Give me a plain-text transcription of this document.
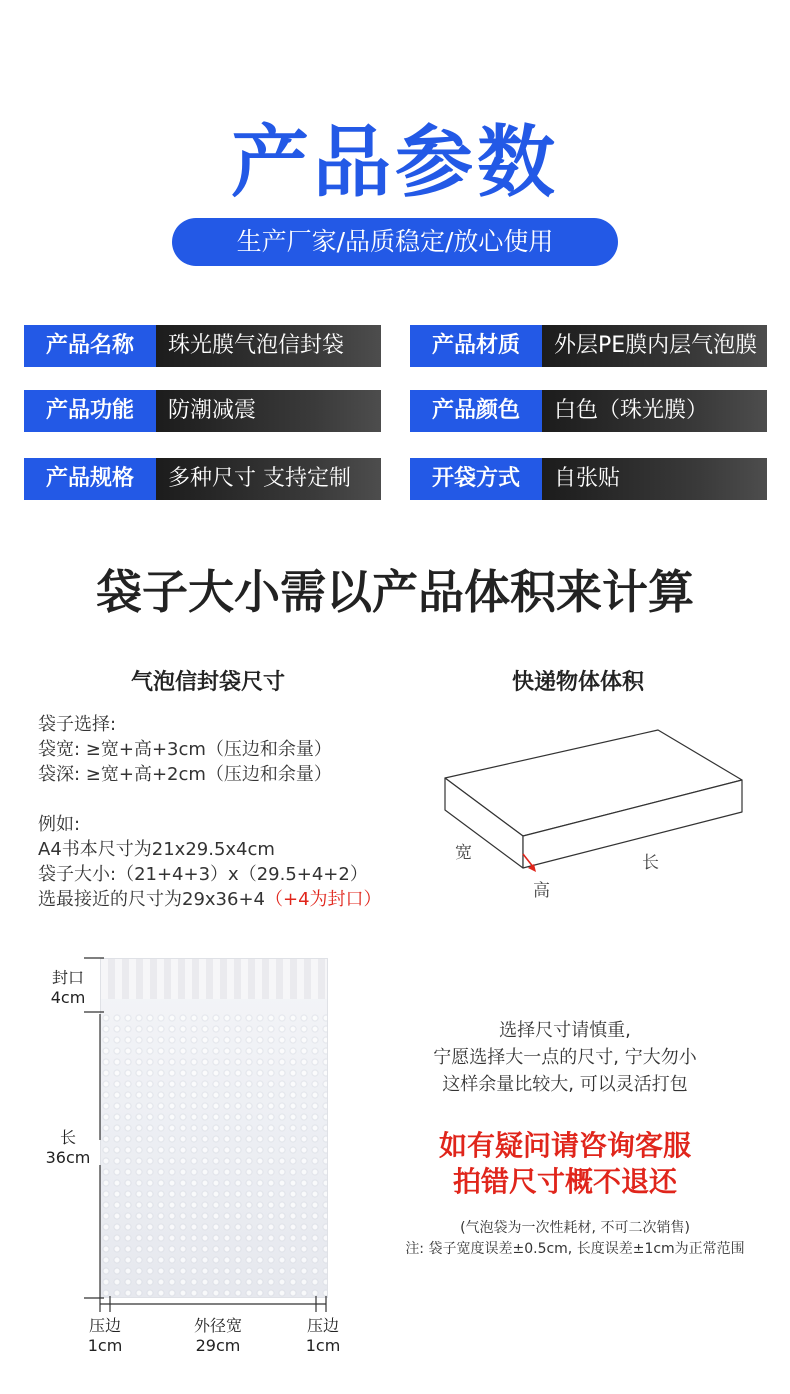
产品参数
生产厂家/品质稳定/放心使用
产品名称	珠光膜气泡信封袋	产品材质	外层PE膜内层气泡膜
产品功能	防潮减震	产品颜色	白色（珠光膜）
产品规格	多种尺寸 支持定制	开袋方式	自张贴
袋子大小需以产品体积来计算
气泡信封袋尺寸	快递物体体积
袋子选择:
袋宽: ≥宽+高+3cm（压边和余量）
袋深: ≥宽+高+2cm（压边和余量）
例如:
A4书本尺寸为21x29.5x4cm
袋子大小:（21+4+3）x（29.5+4+2）
选最接近的尺寸为29x36+4（+4为封口）
宽	长
高
封口
4cm
长
36cm
压边
1cm
外径宽
29cm
压边
1cm
选择尺寸请慎重,
宁愿选择大一点的尺寸, 宁大勿小
这样余量比较大, 可以灵活打包
如有疑问请咨询客服
拍错尺寸概不退还
(气泡袋为一次性耗材, 不可二次销售)
注: 袋子宽度误差±0.5cm, 长度误差±1cm为正常范围
